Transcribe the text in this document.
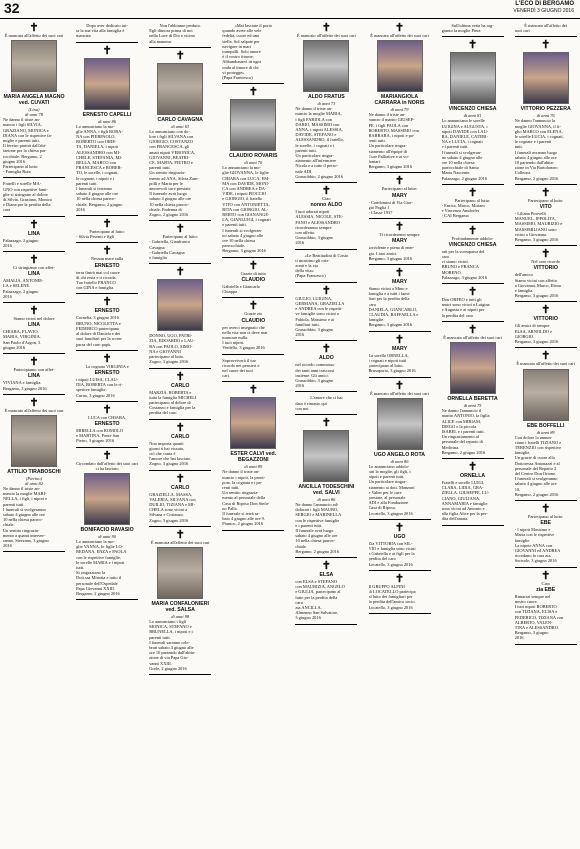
32	L'ECO DI BERGAMO
VENERDÌ 3 GIUGNO 2016
✝
È mancata all'affetto dei suoi cari
MARIA ANGELA MAGNO ved. CUVATI
(Lina)
di anni 78
Ne danno il triste an-
nuncio i figli SILVIA,
GRAZIANO, MONICA e
DIANA con le rispettive fa-
miglie e parenti tutti.
Il feretro partirà dall'abi-
tazione per la chiesa par-
rocchiale. Bergamo, 2
giugno 2016.
Partecipano al lutto:
- Famiglia Rota
Fratelli e sorelle MA-
GNO con rispettive fami-
glie si stringono al dolore
di Silvia, Graziano, Monica
e Diana per la perdita della
cara
✝
LINA
Palazzago, 2 giugno
2016
✝
Ci stringiamo con affet-
LINA
AMALIA, ANTONIE-
LA e SELENE.
Palazzago, 2 giugno
2016
✝
Siamo vicini nel dolore
LINA
CHIARA, FLAVIO,
MARIA, VIRGINIA.
San Paolo d'Argon, 3
giugno 2016
✝
Partecipiamo con affet-
LINA
VIVIANA e famiglia.
Bergamo, 3 giugno 2016
✝
È mancato all'affetto dei suoi cari
ATTILIO TIRABOSCHI
(Pierino)
di anni 82
Ne danno il triste an-
nuncio la moglie MARI-
NELLA, i figli, i nipoti e
parenti tutti.
I funerali si svolgeranno
sabato 4 giugno alle ore
10 nella chiesa parroc-
chiale.
Un sentito ringrazia-
mento a quanti interver-
ranno. Stezzano, 3 giugno
2016
Dopo aver dedicato tut-
ta la sua vita alla famiglia è
mancato
✝
ERNESTO CAPELLI
di anni 86
Lo annunciano la mo-
glie ANNA, i figli ROBA-
NA con PIERPAOLO,
ROBERTO con ORIE-
TA, DANIELA, i nipoti
ALESSANDRO con MI-
CHELE, STEFANIA, MI-
RELLA, MARCO con
FRANCESCA e ROBER-
TO, le sorelle, i cognati,
le cognate, i nipoti e i
parenti tutti.
I funerali si terranno
sabato 4 giugno alle ore
10 nella chiesa parroc-
chiale. Bergamo, 2 giugno
2016
✝
Partecipano al lutto:
- Silvia Pesenti e figli
✝
Nessun mare sulla
ERNESTO
terra finirà mai col cuore
di chi resta e ti ricorda.
Tuo fratello FRANCO
con GINA e famiglia.
✝
ERNESTO
Cornelia, 3 giugno 2016
BRUNO, NICOLETTA e
FEDERICO partecipano
al dolore di Daniela e dei
suoi familiari per la scom-
parsa del caro papà.
✝
La cognata VIRGINIA e
ERNESTO
i nipoti LUISA, CLAU-
DIA, ROBERTA con le ri-
spettive famiglie.
Curno, 3 giugno 2016
✝
LUCA con CHIARA,
ERNESTO
MIRELLA con ROMOLO
e MARTINA. Ponte San
Pietro, 3 giugno 2016
✝
Circondato dall'affetto dei suoi cari ci ha lasciato
BONIFACIO RAVASIO
di anni 90
Lo annunciano la mo-
glie VANNA, le figlie LO-
REDANA, ENZA e PAOLA
con le rispettive famiglie,
le sorelle MARIA e i nipoti
tutti.
Si ringraziano la
Dott.ssa Minotta e tutto il
personale dell'Ospedale
Papa Giovanni XXIII.
Bergamo, 2 giugno 2016
Non l'abbiamo perduto.
Egli dimora prima di noi
nella Luce di Dio e vicino
alla mamma.
✝
CARLO CAVAGNA
di anni 63
Lo annunciano con do-
lore i figli SILVANA con
GIORGIO, COSTANZO
con FRANCESCA, gli
amati nipoti VERONICA,
GIOVANNI, BEATRI-
CE, MARTA, PIETRO e
parenti tutti.
Un sentito ringrazia-
mento ad ANA, Silvia Zam-
polli e Maria per le
amorevoli cure prestate.
Il funerale avrà luogo
sabato 4 giugno alle ore
10 nella chiesa parroc-
chiale. Endenna di
Zogno, 2 giugno 2016
✝
Partecipano al lutto:
- Gabriella, Gianfranco
Cavagna
- Gabriella Cavagna
e famiglia
✝
DONNO, UGO, PATRI-
ZIA, EDOARDO e LAU-
RA con PAOLO, SIMO-
NA e GIOVANNI
partecipano al lutto.
Zogno, 3 giugno 2016
✝
CARLO
MARZIA, ROBERTA e
tutta la famiglia MICHELI
partecipano al dolore di
Costanzo e famiglia per la
perdita del caro
✝
CARLO
Non importa quanti
giorni ti hai vissuto,
ciò che conta è
l'amore che hai lasciato.
Zogno, 3 giugno 2016
✝
CARLO
GRAZIELLA, MASSA,
VALERIA, SILVANA con
DUILIO, TIZIANA e MI-
CHELA sono vicini a
Silvana e Costanzo.
Zogno, 3 giugno 2016
✝
È mancata all'affetto dei suoi cari
MARIA CONFALONIERI ved. SALSA
di anni 98
Lo annunciano i figli
MONICA, STEFANO e
BRUNELLA, i nipoti e i
parenti tutti.
I funerali saranno cele-
brati sabato 4 giugno alle
ore 10 partendo dall'abita-
zione di via Papa Gio-
vanni XXIII.
Gorle, 2 giugno 2016
«Mai lasciate il porto
quando avete alle vele
fedeltà, cuore ed una
stella. Sol salpate per
navigare in mari
tranquilli. Solo amore
è il vostro friume.
Abbandonarvi in ogni
onda al timore di chi
vi protegge».
(Papa Francesco)
✝
CLAUDIO ROVARIS
di anni 70
Lo annunciano la mo-
glie GIOVANNA, le figlie
CHIARA con LUCA, EM-
MA con DAVIDE, MONI-
CA con ANDREA e DA-
VIDE, i nipoti PIOCCIO
e GIORGIO, il fratello
VITO con ANTONIETTA,
RITA con GIORGIO, AL-
BERTO con GIANANGE-
LA, GIANLUIGI, i cognati
e parenti tutti.
I funerali si svolgeran-
no sabato 4 giugno alle
ore 10 nella chiesa
parrocchiale.
Bergamo, 3 giugno 2016
✝
Grazie di tutto
CLAUDIO
Gabriella e Giancarlo
Chiappa
✝
Grazie zio
CLAUDIO
per averci insegnato che
nella vita non ci deve mai
mancare nulla.
I tuoi nipoti.
Verdello, 3 giugno 2016
Sopravviverà il tuo
ricordo nei pensieri e
nel cuore dei tuoi
cari.
✝
ESTER CALVI ved. BEGAZZONI
di anni 89
Ne danno il triste an-
nuncio i nipoti, la proni-
pote, la cognata e i pa-
renti tutti.
Un sentito ringrazia-
mento al personale della
Casa di Riposo Don Stefa-
no Palla.
Il funerale si terrà sa-
bato 4 giugno alle ore 9.
Pianico, 2 giugno 2016
✝
È mancato all'affetto dei suoi cari
ALDO FRATUS
di anni 73
Ne danno il triste an-
nuncio la moglie MARIA,
i figli FABIOLA con
DARIO, MASSIMO con
ANNA, i nipoti ALESSIA,
DAVIDE, STEFANO e
ALESSANDRO, il fratello,
le sorelle, i cognati e i
parenti tutti.
Un particolare ringra-
ziamento all'infermiere
Nicola e a tutto il perso-
nale ADI.
Grassobbio, 2 giugno 2016
✝
Ciao
nonno ALDO
I tuoi adorati nipoti
ALESSIA, NICOLE, STE-
FANO e ALESSANDRO
ricorderanno sempre
con affetto.
Grassobbio, 3 giugno
2016
«Le Beatitudini di Cristo
ti mostrino gli oriz-
zonti e la via
della vita»
(Papa Francesco)
✝
GIULIO, LUIGINA,
GERMANA, GRAZIELLA
e ANDREA con le rispetti-
ve famiglie sono vicini a
Fabiola, Massimo e ai
familiari tutti.
Grassobbio, 3 giugno
2016
✝
ALDO
nel ricordo commosso
dei tanti anni trascorsi
insieme. Gli amici.
Grassobbio, 3 giugno
2016
L'amore che ci hai
dato è rimasto qui
con noi.
✝
ANCILLA TODESCHINI ved. SALVI
di anni 86
Ne danno l'annuncio ad-
dolorati i figli MAURO,
SERGIO e MARINELLA
con le rispettive famiglie
e i parenti tutti.
Il funerale avrà luogo
sabato 4 giugno alle ore
10 nella chiesa parroc-
chiale.
Bergamo, 2 giugno 2016
✝
ELSA
con ELSA e STEFANO
con MAURIZIA, ANGELO
e GIULIA, partecipano al
lutto per la perdita della
cara
zia ANCILLA.
Almenno San Salvatore,
3 giugno 2016
✝
È mancata all'affetto dei suoi cari
MARIANGIOLA CARRARA in NORIS
di anni 79
Ne danno il triste an-
nuncio il marito GIUSEP-
PE, i figli PAOLA con
ROBERTO, MASSIMO con
BARBARA, i nipoti e pa-
renti tutti.
Un particolare ringra-
ziamento all'équipe di
Cure Palliative e ai vo-
lontari.
Bergamo, 3 giugno 2016
✝
Partecipano al lutto:
MARY
- Condomini di Via Gior-
gio Paglia 1
- Classe 1937
✝
Ti ricorderemo sempre
MARY
sorridente e piena di ener-
gia. I tuoi amici.
Bergamo, 3 giugno 2016
✝
MARY
Siamo vicini a Mino e
famiglia e a tutti i fami-
liari per la perdita della
cara
DANIELA, GIANCARLO,
CLAUDIA, RAFFAELLA e
famiglie.
Bergamo, 3 giugno 2016
✝
MARY
La sorella ORNELLA,
i cognati e nipoti tutti
partecipano al lutto.
Brusaporto, 3 giugno 2016
✝
È mancato all'affetto dei suoi cari
UGO ANGELO ROTA
di anni 86
Lo annunciano addolo-
rati la moglie, gli figli, i
nipoti e parenti tutti.
Un particolare ringra-
ziamento ai dott. Manzoni
e Valter per le cure
prestate, al personale
ADI e alla Fondazione
Casa di Riposo.
Locatello, 3 giugno 2016
✝
UGO
Zia VITTORIA con SIL-
VIO e famiglia sono vicini
a Gabriella e ai figli per la
perdita del caro
Locatello, 3 giugno 2016
✝
Il GRUPPO ALPINI
di LOCATELLO partecipa
al lutto dei famigliari per
la perdita dell'amico socio.
Locatello, 3 giugno 2016
Sull'ultima vetta ha rag-
giunto la moglie Piera
✝
VINCENZO CHIESA
di anni 81
Lo annunciano le sorelle
LUIGINA e AUGUSTA, i
nipoti DAVIDE con LAU-
RA, DANIELE, CATERI-
NA e LUCIA, i cognati
e i parenti tutti.
I funerali si svolgeran-
no sabato 4 giugno alle
ore 10 nella chiesa
parrocchiale di Santa
Maria Nascente.
Palazzago, 2 giugno 2016
✝
Partecipano al lutto:
- Enrica, Marco, Miriam
e Vincenzo Amdorfer
- CAI Bergamo
✝
Profondamente addolo-
VINCENZO CHIESA
rati per la scomparsa del
caro
vi siamo vicini.
BRUNO e FRANCA
MORENO.
Palazzago, 3 giugno 2016
✝
Don ORFEO e tutti gli
amici sono vicini a Luigina
e Augusta e ai nipoti per
la perdita del caro
✝
È mancata all'affetto dei suoi cari
ORNELLA BERETTA
di anni 75
Ne danno l'annuncio il
marito ANTONIO, la figlia
ALICE con MIRIAM,
DIEGO e la piccola
ISABEL e i parenti tutti.
Un ringraziamento al
personale del reparto di
Medicina.
Bergamo, 2 giugno 2016
✝
ORNELLA
Fratelli e sorelle LUIGI,
CLARA, LIDIA, GRA-
ZIELLA, GIUSEPPE, LU-
CIANO, GIULIANA,
ANNAMARIA e famiglie
sono vicini ad Antonio e
alla figlia Alice per la per-
dita dell'amata.
È mancato all'affetto dei
suoi cari
✝
VITTORIO PEZZERA
di anni 76
Ne danno l'annuncio la
moglie GIOVANNA, il fi-
glio MARCO con ELENA,
le sorelle LUCIA, i cognati,
le cognate e i parenti
tutti.
I funerali avranno luogo
sabato 4 giugno alle ore
10 partendo dall'abita-
zione in Via Bartolomeo
Colleoni.
Bergamo, 2 giugno 2016
✝
Partecipano al lutto:
VITO
- Liliana Pirovelli
MANUEL, IPPOLITA,
MASSIMO, MAURIZIO e
MASSIMILIANO sono
vicini a Giovanna.
Bergamo, 3 giugno 2016
✝
Nel caro ricordo
VITTORIO
dell'amico
Siamo vicini con affetto
a Giovanna, Marco, Elena
e famiglia.
Bergamo, 3 giugno 2016
✝
VITTORIO
Gli amici di sempre
ELSA, ARNOLDO e
GIORGIO.
Bergamo, 3 giugno 2016
✝
È mancata all'affetto dei suoi cari
EBE BOFFELLI
di anni 89
Con dolore lo annun-
ciano i fratelli TIZIANO e
TERENZIO con rispettive
famiglie.
Un grazie di cuore alla
Dottoressa Antonazzi e al
personale del Reparto 2
del Centro Don Orione.
I funerali si svolgeranno
sabato 4 giugno alle ore
10.
Bergamo, 2 giugno 2016
✝
Partecipano al lutto:
EBE
- I nipoti Massimo e
Maria con le rispettive
famiglie.
La nipote ANNA con
GIOVANNI ed ANDREA
ricordano la cara zia.
Sorisole, 3 giugno 2016
✝
Ciao
zia EBE
Rimarrai sempre nel
nostro cuore.
I tuoi nipoti ROBERTO
con TIZIANA, ELISA e
FEDERICO, TIZIANA con
ALBERTO, VALEN-
TINA e ALESSANDRO.
Bergamo, 3 giugno
2016
